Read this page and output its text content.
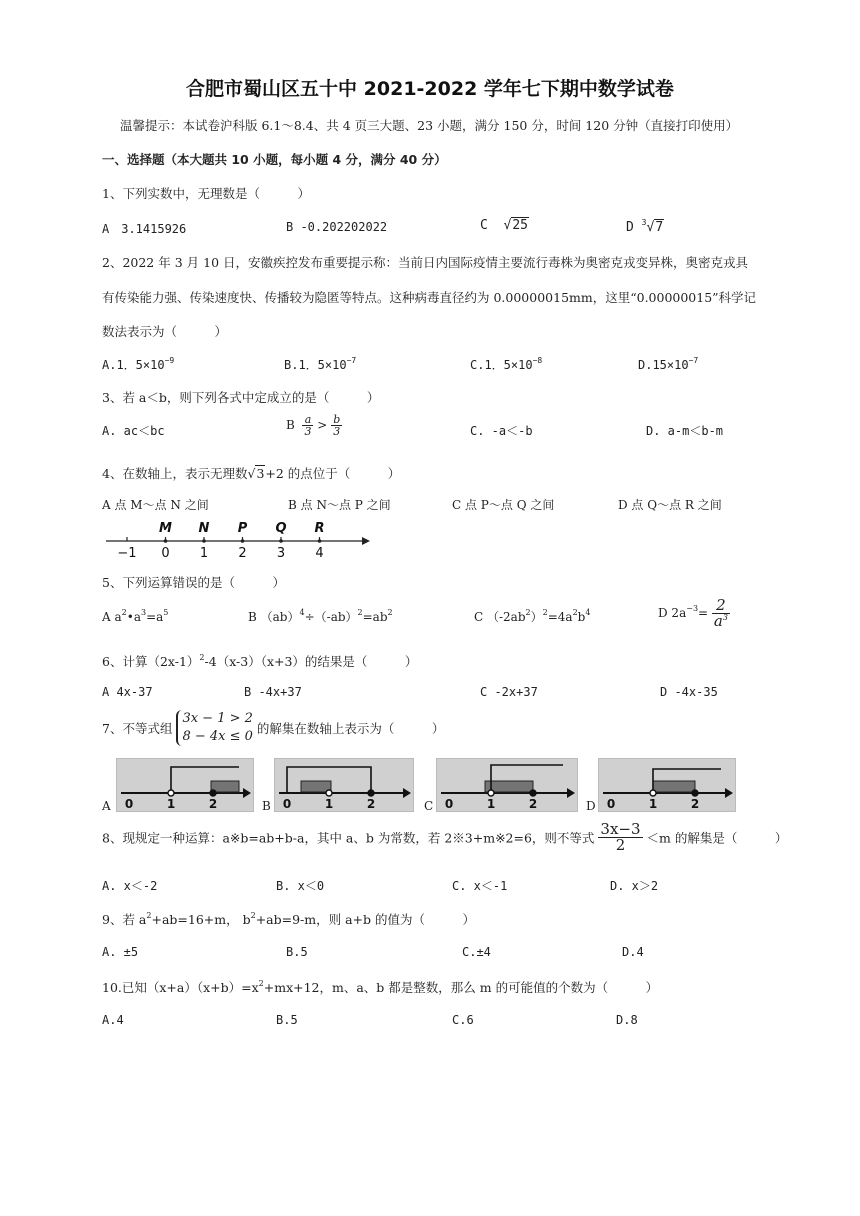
合肥市蜀山区五十中 2021-2022 学年七下期中数学试卷
温馨提示：本试卷沪科版 6.1～8.4、共 4 页三大题、23 小题，满分 150 分，时间 120 分钟（直接打印使用）
一、选择题（本大题共 10 小题，每小题 4 分，满分 40 分）
1、下列实数中，无理数是（　　　）
A　3.1415926	B -0.202202022	C  √25	D $^3$√7
2、2022 年 3 月 10 日，安徽疾控发布重要提示称：当前日内国际疫情主要流行毒株为奥密克戎变异株，奥密克戎具
有传染能力强、传染速度快、传播较为隐匿等特点。这种病毒直径约为 0.00000015mm，这里“0.00000015”科学记
数法表示为（　　　）
A.1．$5\times 10^{-9}$	B.1．$5\times 10^{-7}$	C.1．$5\times 10^{-8}$	$D.15\times 10^{-7}$
3、若 a＜b，则下列各式中定成立的是（　　　）
A. ac＜bc	B $\frac{a}{3} > \frac{b}{3}$	C. -a＜-b	D. a-m＜b-m
4、在数轴上，表示无理数√3+2 的点位于（　　　）
A 点 M～点 N 之间	B 点 N～点 P 之间	C 点 P～点 Q 之间	D 点 Q～点 R 之间
M N P Q R
−1 0 1 2 3 4
5、下列运算错误的是（　　　）
A $a^2•a^3=a^5$	B $(ab)^4\div(-ab)^2=ab^2$	C $(-2ab^2)^2=4a^2b^4$	D $2a^{-3}= \frac{2}{a^3}$
6、计算$(2x-1)^2-4(x-3)(x+3)$的结果是（　　　）
A 4x-37	B -4x+37	C -2x+37	D -4x-35
7、不等式组
3x − 1 > 2
8 − 4x ≤ 0
的解集在数轴上表示为（　　　）
A	B	C	D
0	1	2	0	1	2	0	1	2	0	1	2
8、现规定一种运算：a※b=ab+b-a，其中 a、b 为常数，若 2※3+m※2=6，则不等式 $\frac{3x-3}{2} <m$ 的解集是（　　　）
A. x＜-2	B. x＜0	C. x＜-1	D. x＞2
9、若 $a^2+ab=16+m$， $b^2+ab=9-m$，则 a+b 的值为（　　　）
A. ±5	B.5	C.±4	D.4
10.已知$(x+a)(x+b)=x^2+mx+12$，m、a、b 都是整数，那么 m 的可能值的个数为（　　　）
A.4	B.5	C.6	D.8
